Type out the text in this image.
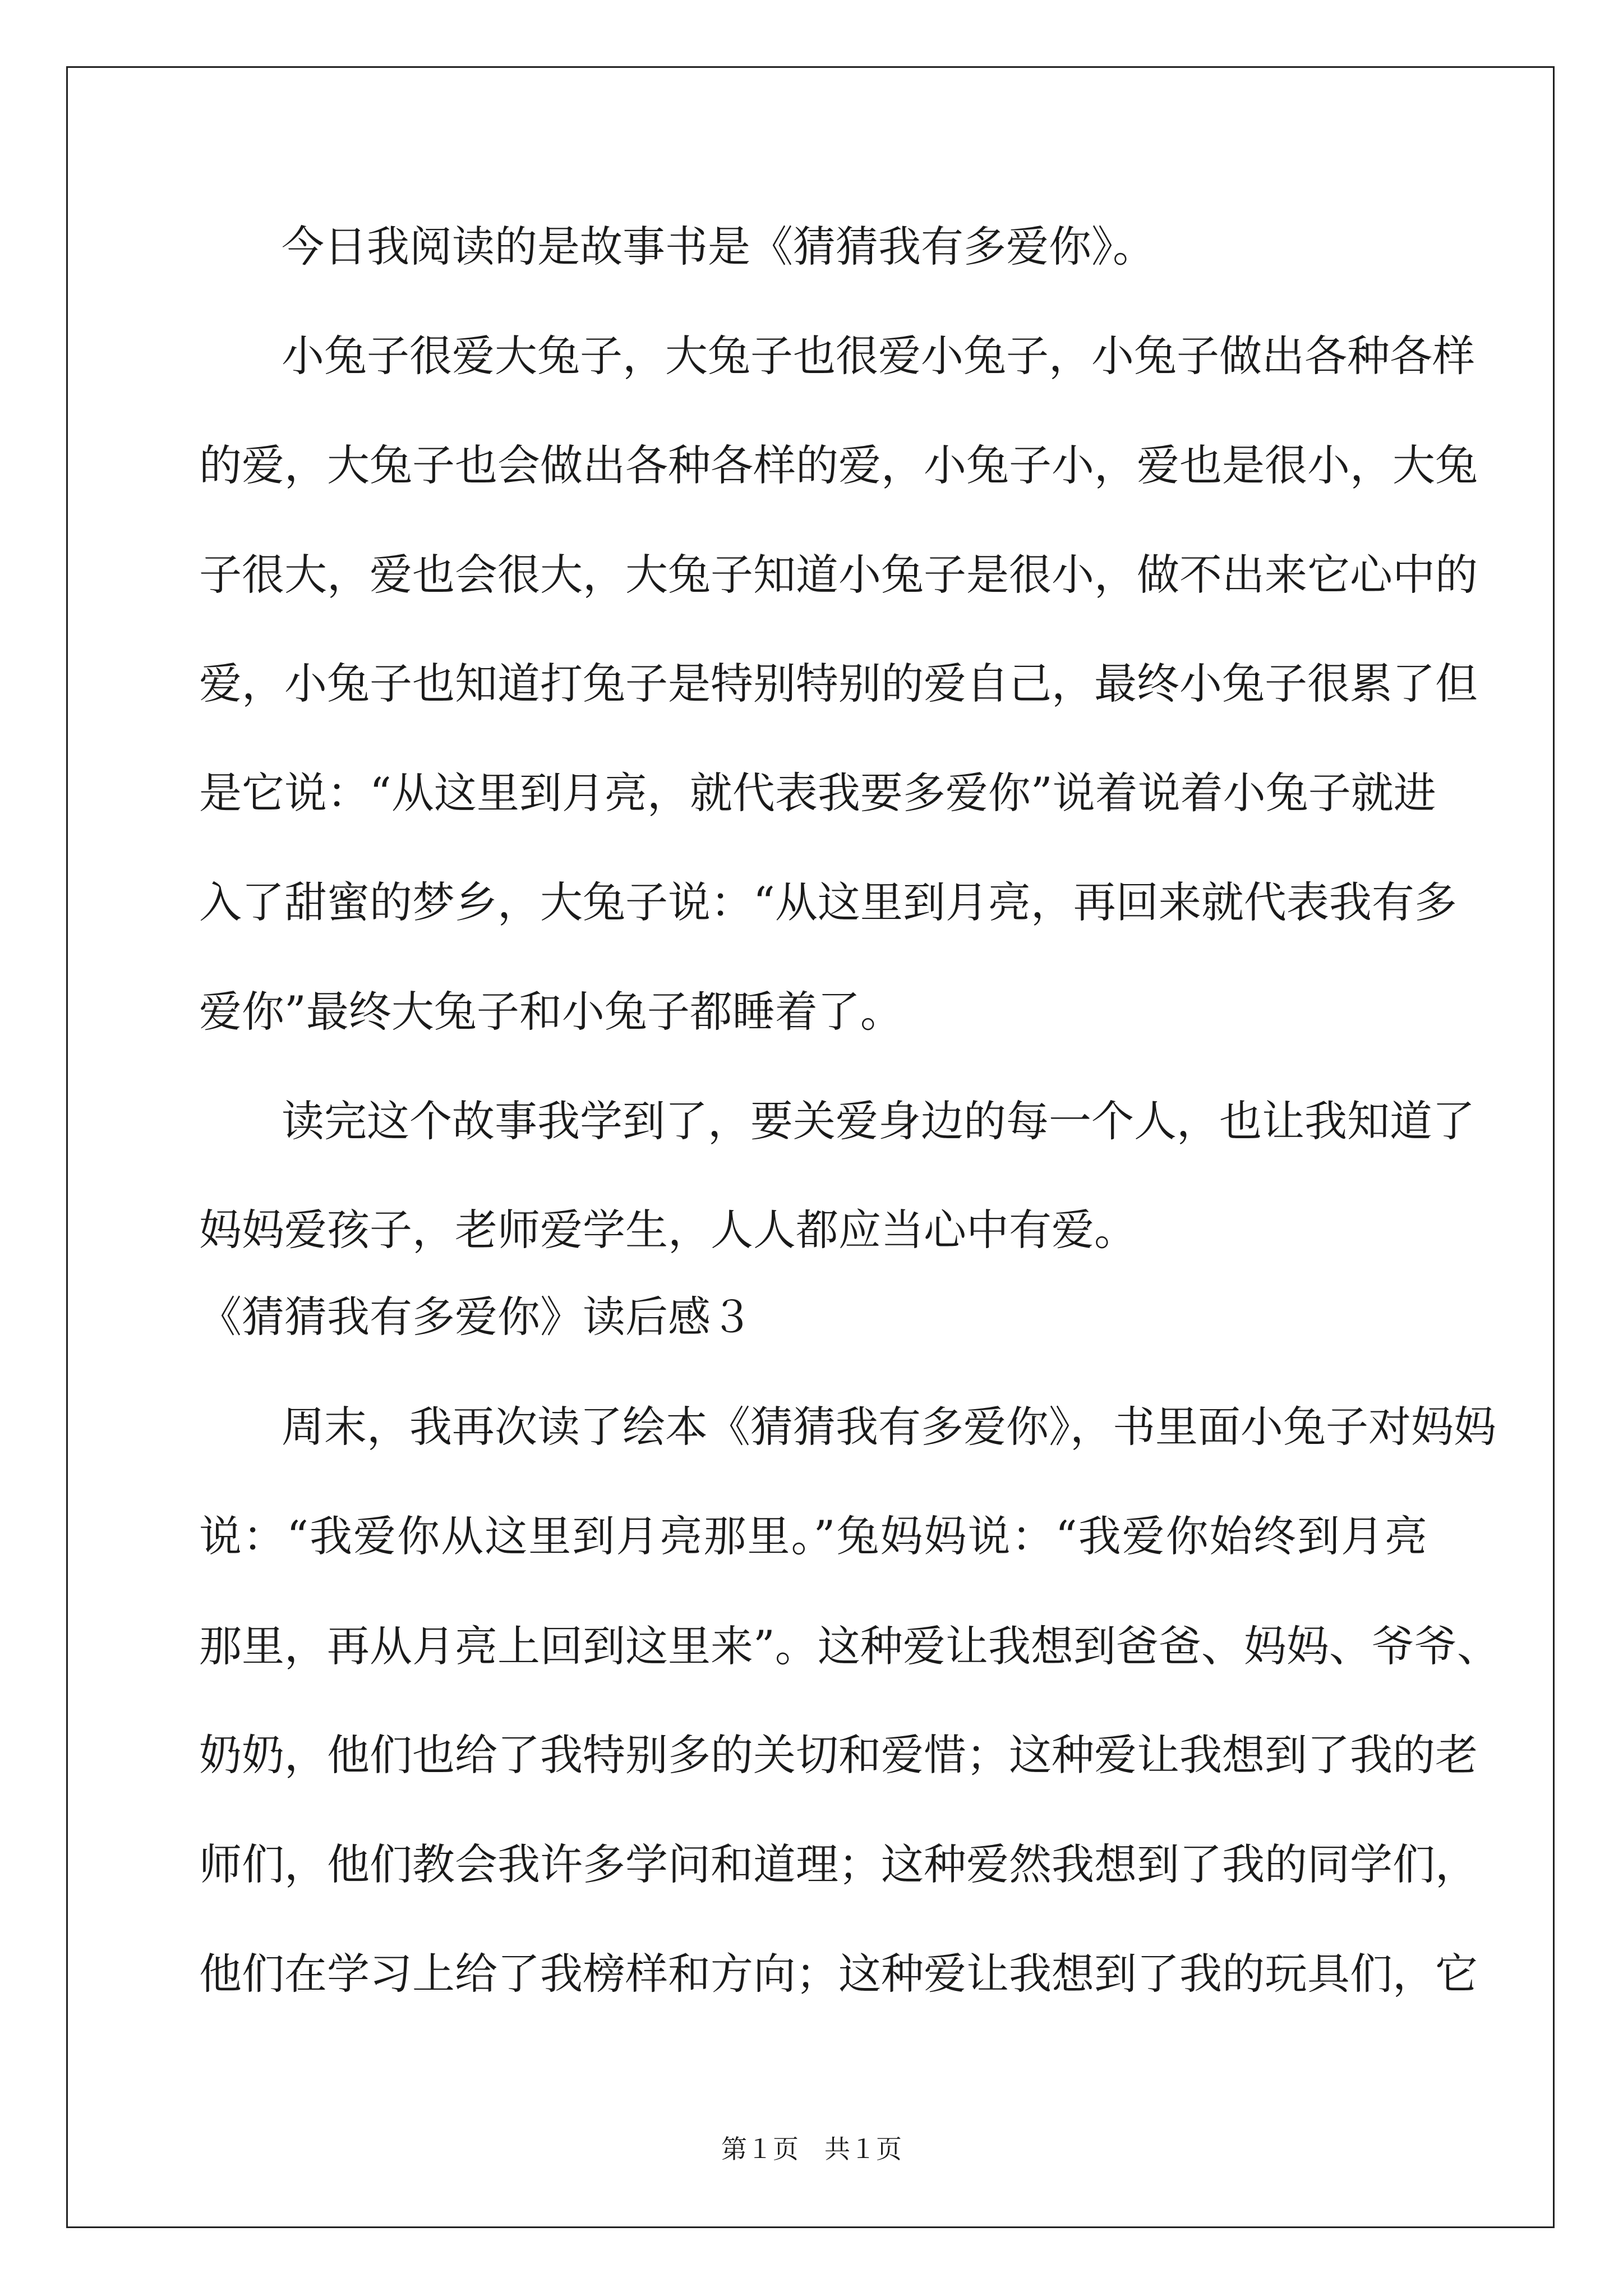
今日我阅读的是故事书是《猜猜我有多爱你》。
小兔子很爱大兔子，大兔子也很爱小兔子，小兔子做出各种各样
的爱，大兔子也会做出各种各样的爱，小兔子小，爱也是很小，大兔
子很大，爱也会很大，大兔子知道小兔子是很小，做不出来它心中的
爱，小兔子也知道打兔子是特别特别的爱自己，最终小兔子很累了但
是它说：“从这里到月亮，就代表我要多爱你”说着说着小兔子就进
入了甜蜜的梦乡，大兔子说：“从这里到月亮，再回来就代表我有多
爱你”最终大兔子和小兔子都睡着了。
读完这个故事我学到了，要关爱身边的每一个人，也让我知道了
妈妈爱孩子，老师爱学生，人人都应当心中有爱。
《猜猜我有多爱你》读后感３
周末，我再次读了绘本《猜猜我有多爱你》，书里面小兔子对妈妈
说：“我爱你从这里到月亮那里。”兔妈妈说：“我爱你始终到月亮
那里，再从月亮上回到这里来”。这种爱让我想到爸爸、妈妈、爷爷、
奶奶，他们也给了我特别多的关切和爱惜；这种爱让我想到了我的老
师们，他们教会我许多学问和道理；这种爱然我想到了我的同学们，
他们在学习上给了我榜样和方向；这种爱让我想到了我的玩具们，它
第１页　共１页
